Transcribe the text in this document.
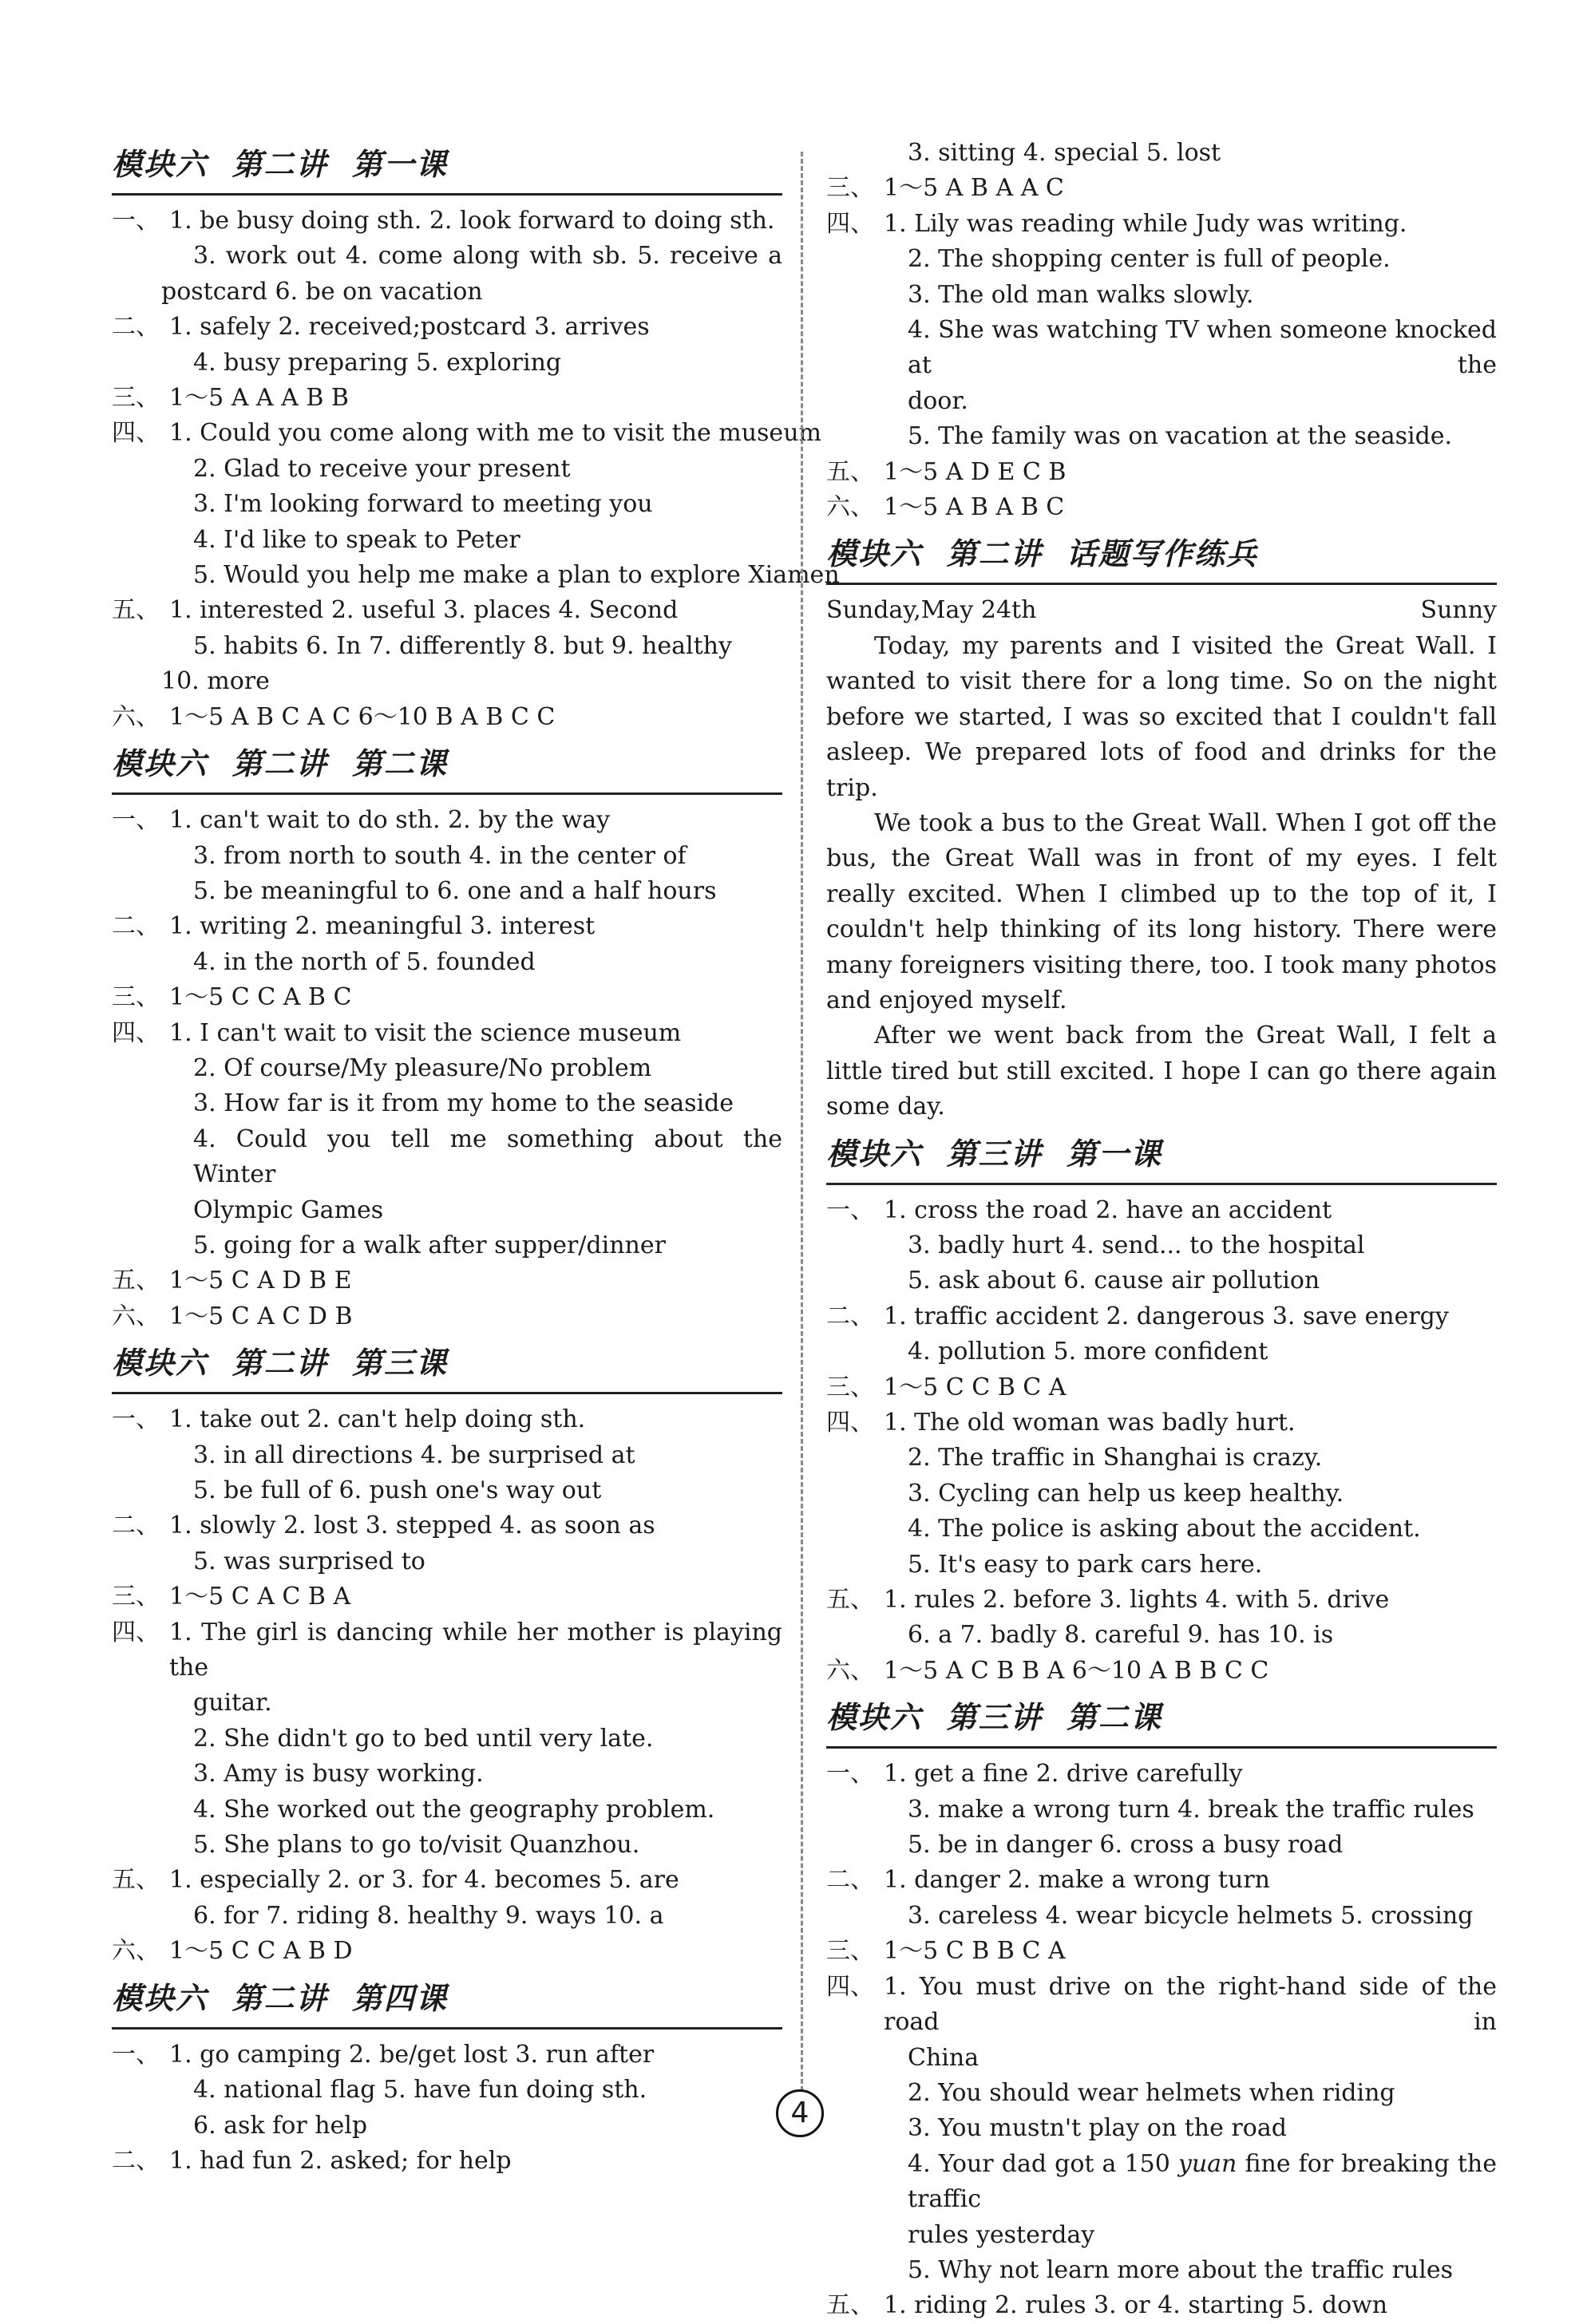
模块六  第二讲  第一课
一、 1. be busy doing sth. 2. look forward to doing sth.
3. work out 4. come along with sb. 5. receive a
postcard 6. be on vacation
二、 1. safely 2. received;postcard 3. arrives
4. busy preparing 5. exploring
三、 1～5 A A A B B
四、 1. Could you come along with me to visit the museum
2. Glad to receive your present
3. I'm looking forward to meeting you
4. I'd like to speak to Peter
5. Would you help me make a plan to explore Xiamen
五、 1. interested 2. useful 3. places 4. Second
5. habits 6. In 7. differently 8. but 9. healthy
10. more
六、 1～5 A B C A C 6～10 B A B C C
模块六  第二讲  第二课
一、 1. can't wait to do sth. 2. by the way
3. from north to south 4. in the center of
5. be meaningful to 6. one and a half hours
二、 1. writing 2. meaningful 3. interest
4. in the north of 5. founded
三、 1～5 C C A B C
四、 1. I can't wait to visit the science museum
2. Of course/My pleasure/No problem
3. How far is it from my home to the seaside
4. Could you tell me something about the Winter
Olympic Games
5. going for a walk after supper/dinner
五、 1～5 C A D B E
六、 1～5 C A C D B
模块六  第二讲  第三课
一、 1. take out 2. can't help doing sth.
3. in all directions 4. be surprised at
5. be full of 6. push one's way out
二、 1. slowly 2. lost 3. stepped 4. as soon as
5. was surprised to
三、 1～5 C A C B A
四、 1. The girl is dancing while her mother is playing the
guitar.
2. She didn't go to bed until very late.
3. Amy is busy working.
4. She worked out the geography problem.
5. She plans to go to/visit Quanzhou.
五、 1. especially 2. or 3. for 4. becomes 5. are
6. for 7. riding 8. healthy 9. ways 10. a
六、 1～5 C C A B D
模块六  第二讲  第四课
一、 1. go camping 2. be/get lost 3. run after
4. national flag 5. have fun doing sth.
6. ask for help
二、 1. had fun 2. asked; for help
3. sitting 4. special 5. lost
三、 1～5 A B A A C
四、 1. Lily was reading while Judy was writing.
2. The shopping center is full of people.
3. The old man walks slowly.
4. She was watching TV when someone knocked at the
door.
5. The family was on vacation at the seaside.
五、 1～5 A D E C B
六、 1～5 A B A B C
模块六  第二讲  话题写作练兵
Sunday,May 24th	Sunny
Today, my parents and I visited the Great Wall. I wanted to visit there for a long time. So on the night before we started, I was so excited that I couldn't fall asleep. We prepared lots of food and drinks for the trip.
We took a bus to the Great Wall. When I got off the bus, the Great Wall was in front of my eyes. I felt really excited. When I climbed up to the top of it, I couldn't help thinking of its long history. There were many foreigners visiting there, too. I took many photos and enjoyed myself.
After we went back from the Great Wall, I felt a little tired but still excited. I hope I can go there again some day.
模块六  第三讲  第一课
一、 1. cross the road 2. have an accident
3. badly hurt 4. send... to the hospital
5. ask about 6. cause air pollution
二、 1. traffic accident 2. dangerous 3. save energy
4. pollution 5. more confident
三、 1～5 C C B C A
四、 1. The old woman was badly hurt.
2. The traffic in Shanghai is crazy.
3. Cycling can help us keep healthy.
4. The police is asking about the accident.
5. It's easy to park cars here.
五、 1. rules 2. before 3. lights 4. with 5. drive
6. a 7. badly 8. careful 9. has 10. is
六、 1～5 A C B B A 6～10 A B B C C
模块六  第三讲  第二课
一、 1. get a fine 2. drive carefully
3. make a wrong turn 4. break the traffic rules
5. be in danger 6. cross a busy road
二、 1. danger 2. make a wrong turn
3. careless 4. wear bicycle helmets 5. crossing
三、 1～5 C B B C A
四、 1. You must drive on the right-hand side of the road in
China
2. You should wear helmets when riding
3. You mustn't play on the road
4. Your dad got a 150 yuan fine for breaking the traffic
rules yesterday
5. Why not learn more about the traffic rules
五、 1. riding 2. rules 3. or 4. starting 5. down
4
